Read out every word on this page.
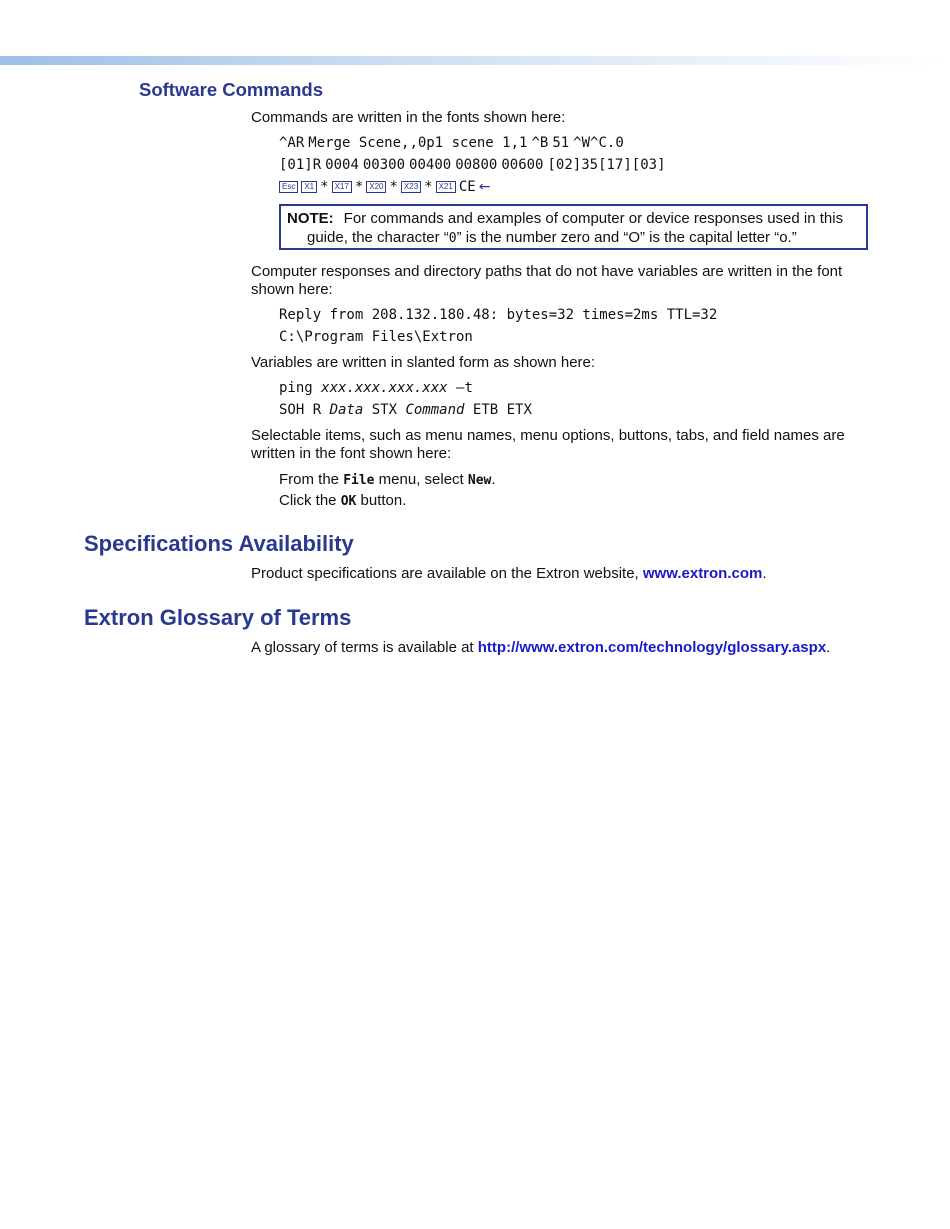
Software Commands

Commands are written in the fonts shown here:

^AR Merge Scene,,0p1 scene 1,1 ^B 51 ^W^C.0
[01]R 0004 00300 00400 00800 00600 [02]35[17][03]
Esc	X1 * X17 * X20 * X23 * X21 CE ←
NOTE: For commands and examples of computer or device responses used in this guide, the character “0” is the number zero and “O” is the capital letter “o.”

Computer responses and directory paths that do not have variables are written in the font shown here:

Reply from 208.132.180.48: bytes=32 times=2ms TTL=32
C:\Program Files\Extron

Variables are written in slanted form as shown here:

ping xxx.xxx.xxx.xxx —t
SOH R Data STX Command ETB ETX

Selectable items, such as menu names, menu options, buttons, tabs, and field names are written in the font shown here:

From the File menu, select New.
Click the OK button.
Specifications Availability

Product specifications are available on the Extron website, www.extron.com.

Extron Glossary of Terms

A glossary of terms is available at http://www.extron.com/technology/glossary.aspx.
